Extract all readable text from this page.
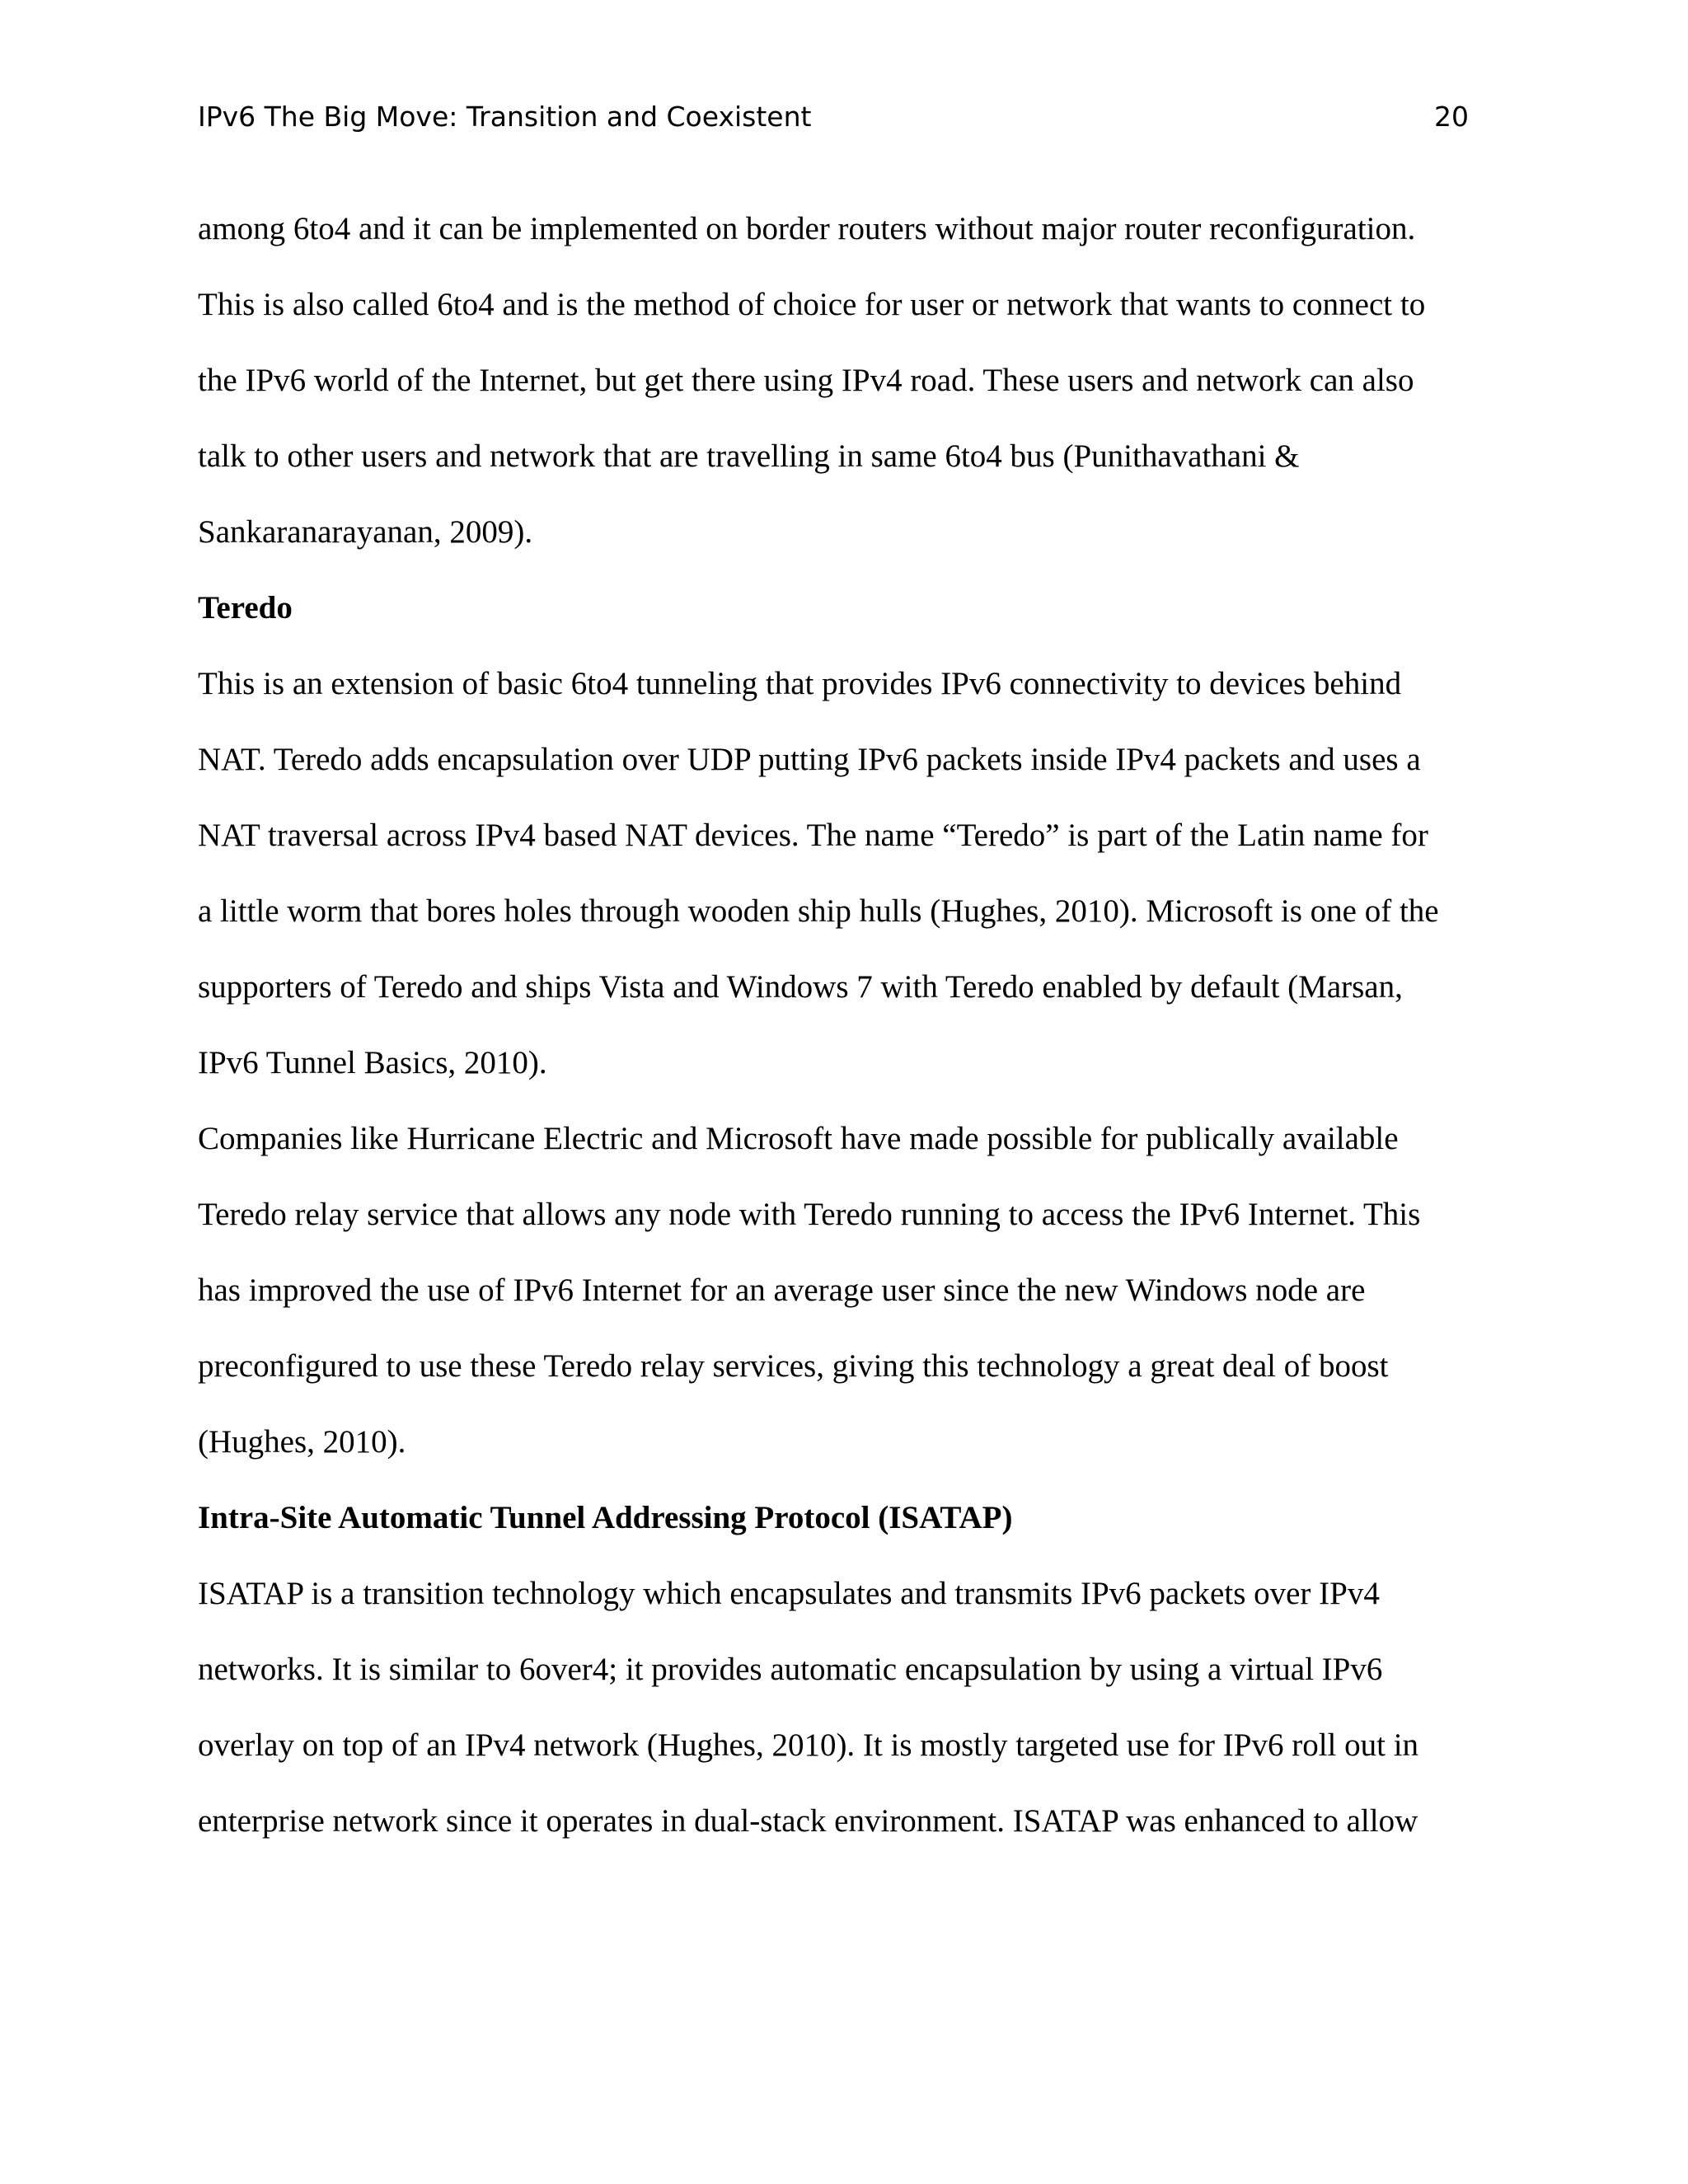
IPv6 The Big Move: Transition and Coexistent	20

among 6to4 and it can be implemented on border routers without major router reconfiguration.

This is also called 6to4 and is the method of choice for user or network that wants to connect to

the IPv6 world of the Internet, but get there using IPv4 road. These users and network can also

talk to other users and network that are travelling in same 6to4 bus (Punithavathani &

Sankaranarayanan, 2009).

Teredo

This is an extension of basic 6to4 tunneling that provides IPv6 connectivity to devices behind

NAT. Teredo adds encapsulation over UDP putting IPv6 packets inside IPv4 packets and uses a

NAT traversal across IPv4 based NAT devices. The name “Teredo” is part of the Latin name for

a little worm that bores holes through wooden ship hulls (Hughes, 2010). Microsoft is one of the

supporters of Teredo and ships Vista and Windows 7 with Teredo enabled by default (Marsan,

IPv6 Tunnel Basics, 2010).

Companies like Hurricane Electric and Microsoft have made possible for publically available

Teredo relay service that allows any node with Teredo running to access the IPv6 Internet. This

has improved the use of IPv6 Internet for an average user since the new Windows node are

preconfigured to use these Teredo relay services, giving this technology a great deal of boost

(Hughes, 2010).

Intra-Site Automatic Tunnel Addressing Protocol (ISATAP)

ISATAP is a transition technology which encapsulates and transmits IPv6 packets over IPv4

networks. It is similar to 6over4; it provides automatic encapsulation by using a virtual IPv6

overlay on top of an IPv4 network (Hughes, 2010). It is mostly targeted use for IPv6 roll out in

enterprise network since it operates in dual-stack environment. ISATAP was enhanced to allow
